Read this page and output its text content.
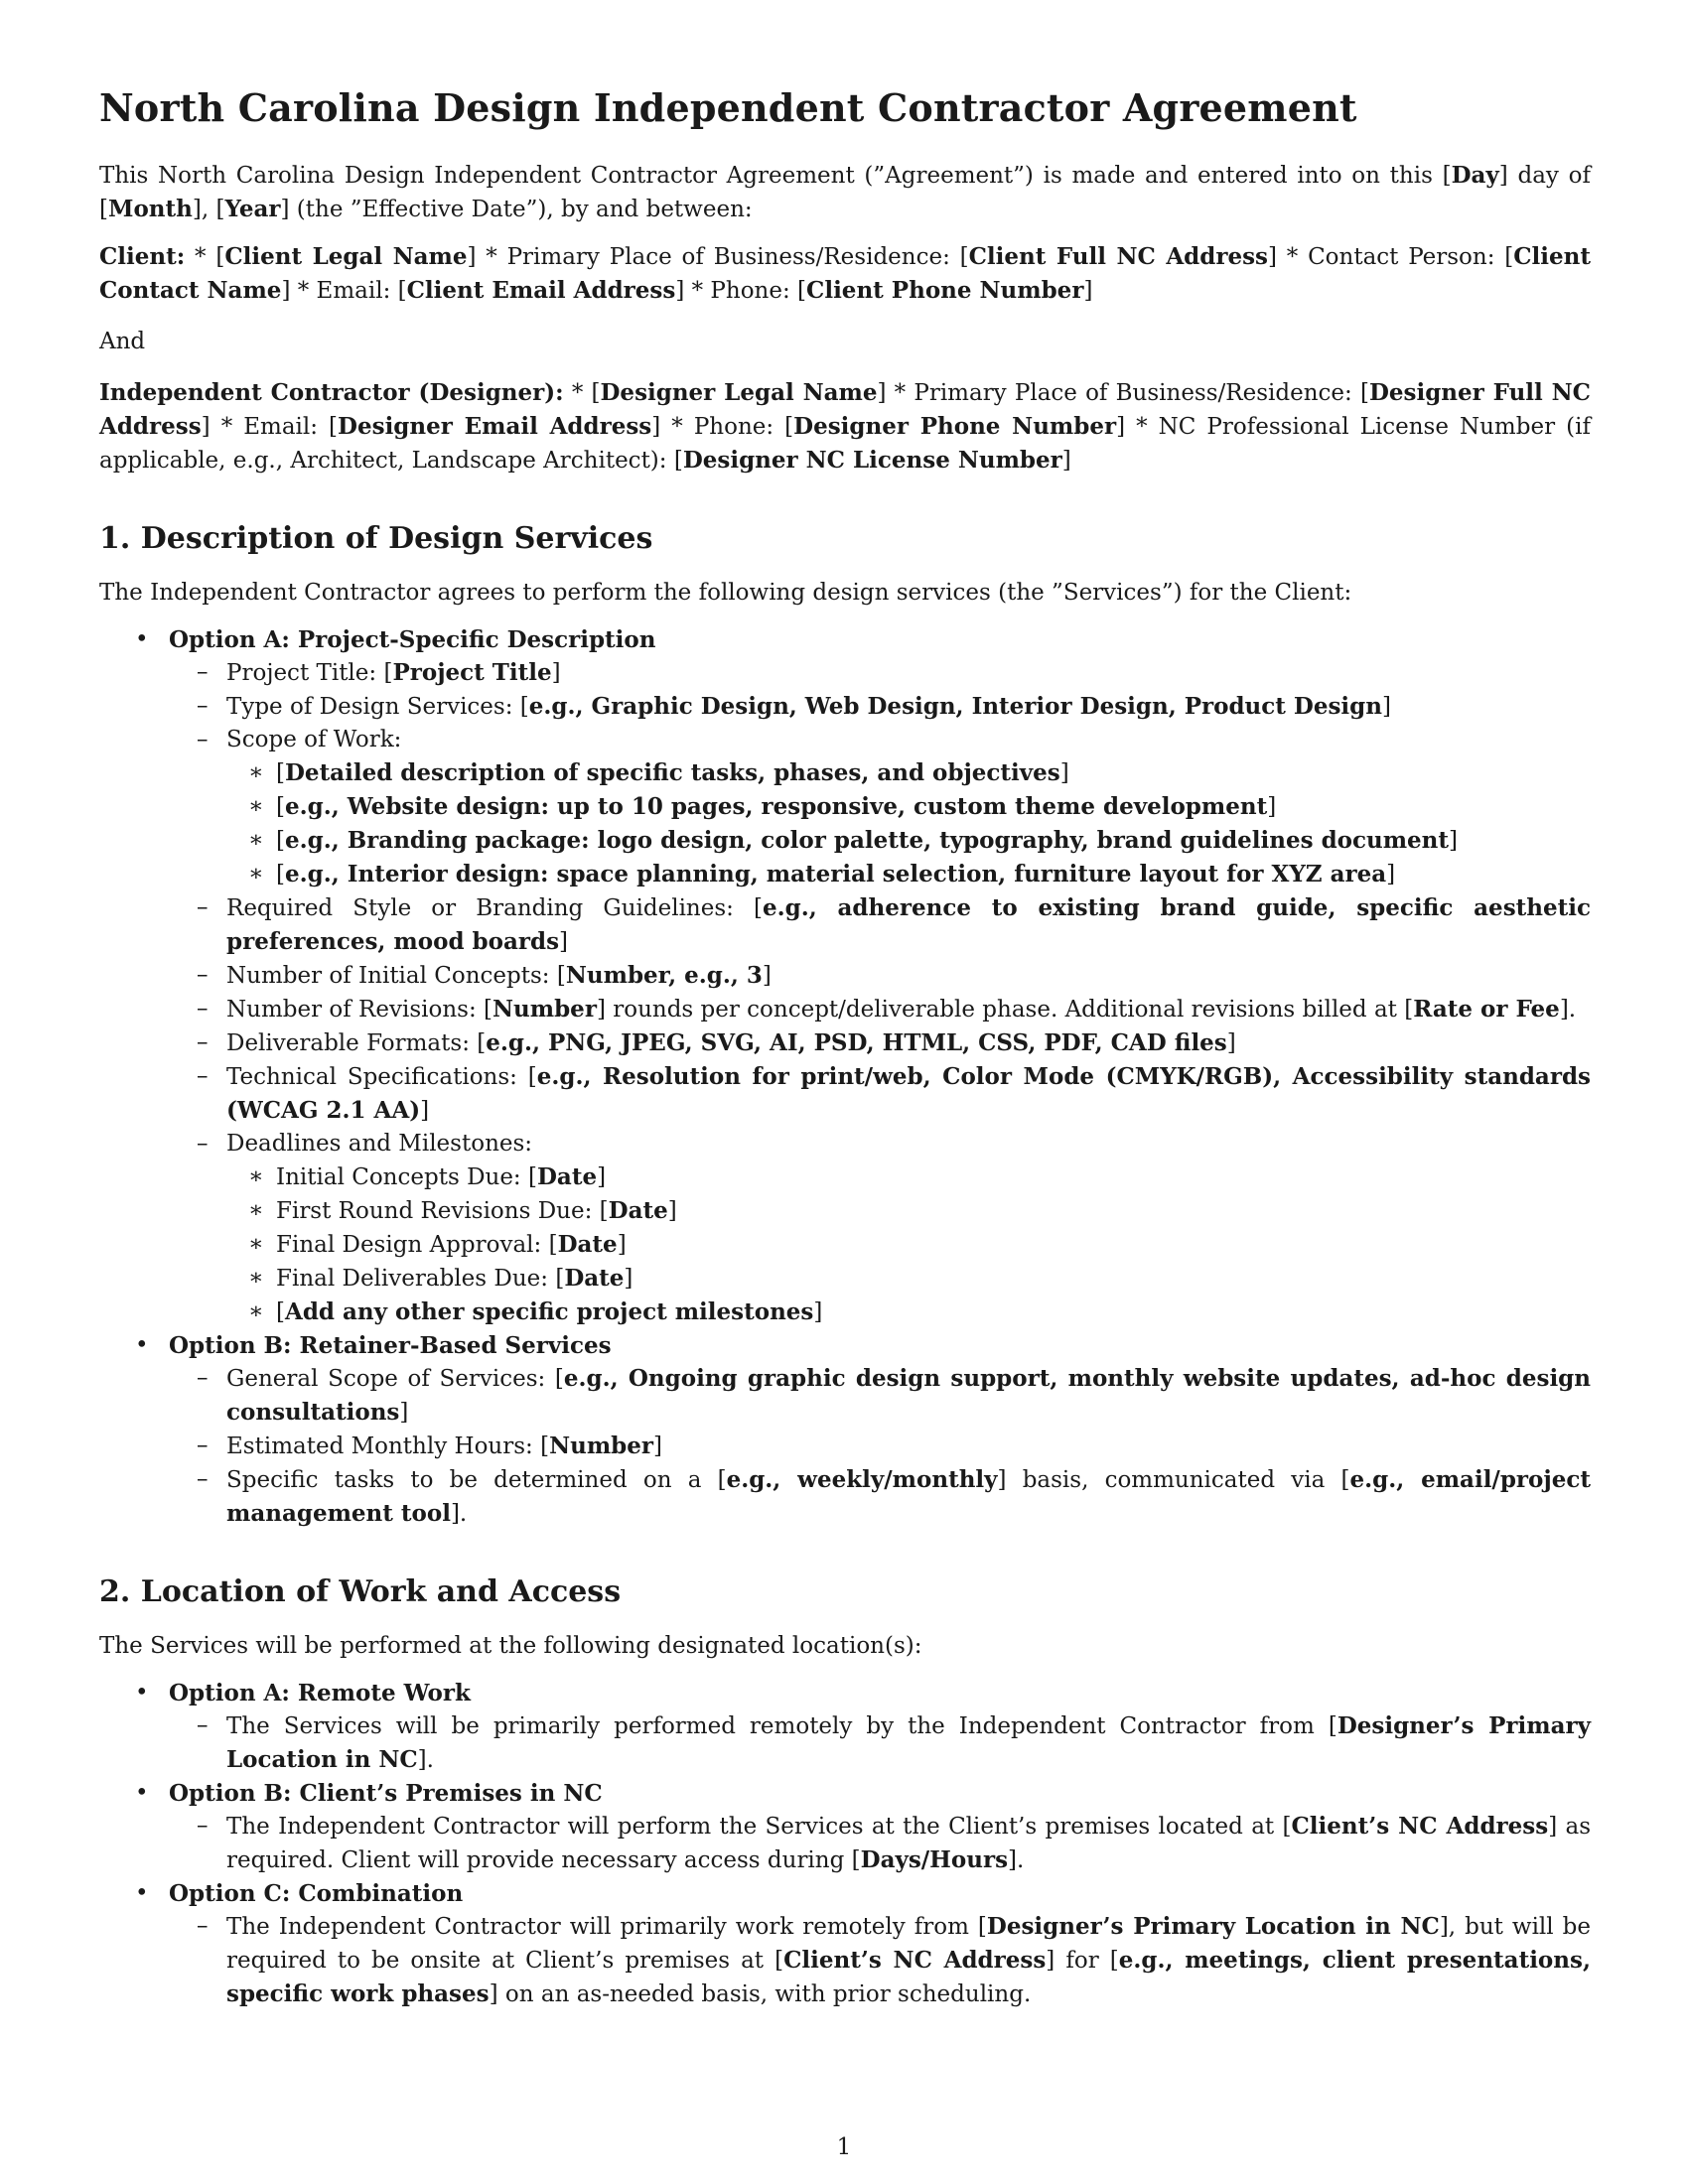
North Carolina Design Independent Contractor Agreement

This North Carolina Design Independent Contractor Agreement (”Agreement”) is made and entered into on this [Day] day of [Month], [Year] (the ”Effective Date”), by and between:

Client: * [Client Legal Name] * Primary Place of Business/Residence: [Client Full NC Address] * Contact Person: [Client Contact Name] * Email: [Client Email Address] * Phone: [Client Phone Number]

And

Independent Contractor (Designer): * [Designer Legal Name] * Primary Place of Business/Residence: [Designer Full NC Address] * Email: [Designer Email Address] * Phone: [Designer Phone Number] * NC Professional License Number (if applicable, e.g., Architect, Landscape Architect): [Designer NC License Number]

1. Description of Design Services

The Independent Contractor agrees to perform the following design services (the ”Services”) for the Client:

• Option A: Project-Specific Description
– Project Title: [Project Title]
– Type of Design Services: [e.g., Graphic Design, Web Design, Interior Design, Product Design]
– Scope of Work:
∗ [Detailed description of specific tasks, phases, and objectives]
∗ [e.g., Website design: up to 10 pages, responsive, custom theme development]
∗ [e.g., Branding package: logo design, color palette, typography, brand guidelines document]
∗ [e.g., Interior design: space planning, material selection, furniture layout for XYZ area]
– Required Style or Branding Guidelines: [e.g., adherence to existing brand guide, specific aesthetic preferences, mood boards]
– Number of Initial Concepts: [Number, e.g., 3]
– Number of Revisions: [Number] rounds per concept/deliverable phase. Additional revisions billed at [Rate or Fee].
– Deliverable Formats: [e.g., PNG, JPEG, SVG, AI, PSD, HTML, CSS, PDF, CAD files]
– Technical Specifications: [e.g., Resolution for print/web, Color Mode (CMYK/RGB), Accessibility standards (WCAG 2.1 AA)]
– Deadlines and Milestones:
∗ Initial Concepts Due: [Date]
∗ First Round Revisions Due: [Date]
∗ Final Design Approval: [Date]
∗ Final Deliverables Due: [Date]
∗ [Add any other specific project milestones]
• Option B: Retainer-Based Services
– General Scope of Services: [e.g., Ongoing graphic design support, monthly website updates, ad-hoc design consultations]
– Estimated Monthly Hours: [Number]
– Specific tasks to be determined on a [e.g., weekly/monthly] basis, communicated via [e.g., email/project management tool].
2. Location of Work and Access

The Services will be performed at the following designated location(s):

• Option A: Remote Work
– The Services will be primarily performed remotely by the Independent Contractor from [Designer’s Primary Location in NC].
• Option B: Client’s Premises in NC
– The Independent Contractor will perform the Services at the Client’s premises located at [Client’s NC Address] as required. Client will provide necessary access during [Days/Hours].
• Option C: Combination
– The Independent Contractor will primarily work remotely from [Designer’s Primary Location in NC], but will be required to be onsite at Client’s premises at [Client’s NC Address] for [e.g., meetings, client presentations, specific work phases] on an as-needed basis, with prior scheduling.
1
